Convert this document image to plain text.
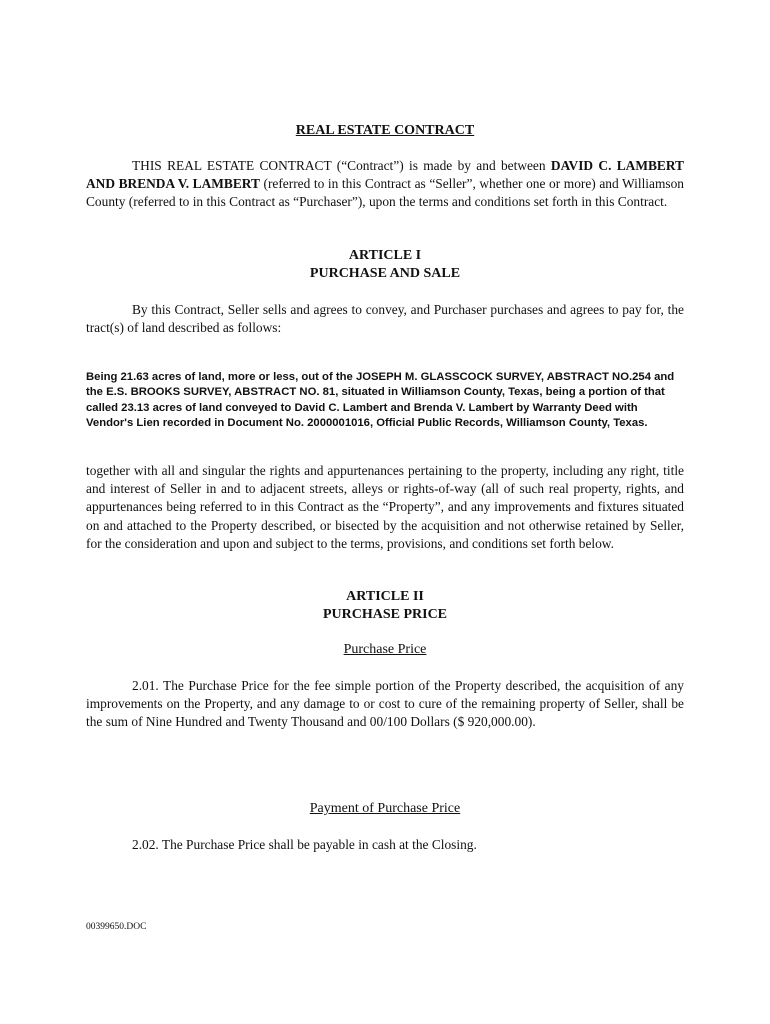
REAL ESTATE CONTRACT

THIS REAL ESTATE CONTRACT (“Contract”) is made by and between DAVID C. LAMBERT AND BRENDA V. LAMBERT (referred to in this Contract as “Seller”, whether one or more) and Williamson County (referred to in this Contract as “Purchaser”), upon the terms and conditions set forth in this Contract.

ARTICLE I
PURCHASE AND SALE

By this Contract, Seller sells and agrees to convey, and Purchaser purchases and agrees to pay for, the tract(s) of land described as follows:

Being 21.63 acres of land, more or less, out of the JOSEPH M. GLASSCOCK SURVEY, ABSTRACT NO.254 and the E.S. BROOKS SURVEY, ABSTRACT NO. 81, situated in Williamson County, Texas, being a portion of that called 23.13 acres of land conveyed to David C. Lambert and Brenda V. Lambert by Warranty Deed with Vendor's Lien recorded in Document No. 2000001016, Official Public Records, Williamson County, Texas.

together with all and singular the rights and appurtenances pertaining to the property, including any right, title and interest of Seller in and to adjacent streets, alleys or rights-of-way (all of such real property, rights, and appurtenances being referred to in this Contract as the “Property”, and any improvements and fixtures situated on and attached to the Property described, or bisected by the acquisition and not otherwise retained by Seller, for the consideration and upon and subject to the terms, provisions, and conditions set forth below.

ARTICLE II
PURCHASE PRICE
Purchase Price

2.01. The Purchase Price for the fee simple portion of the Property described, the acquisition of any improvements on the Property, and any damage to or cost to cure of the remaining property of Seller, shall be the sum of Nine Hundred and Twenty Thousand and 00/100 Dollars ($ 920,000.00).

Payment of Purchase Price

2.02. The Purchase Price shall be payable in cash at the Closing.

00399650.DOC
